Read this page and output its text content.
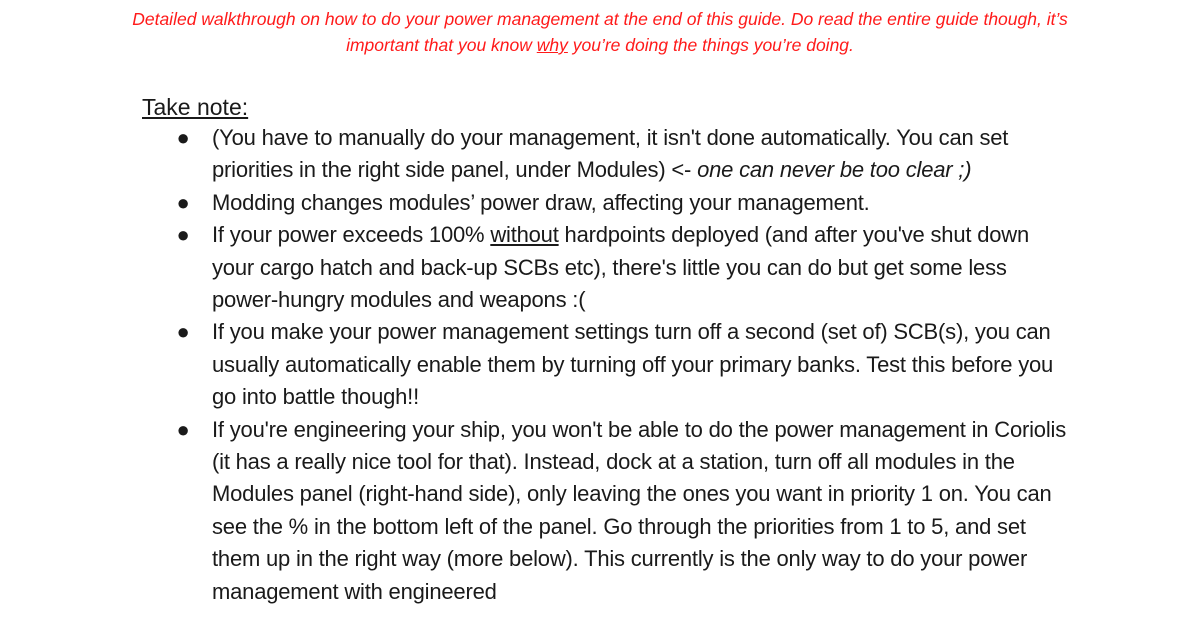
Detailed walkthrough on how to do your power management at the end of this guide. Do read the entire guide though, it’s important that you know why you’re doing the things you’re doing.
Take note:
● (You have to manually do your management, it isn't done automatically. You can set priorities in the right side panel, under Modules) <- one can never be too clear ;)
● Modding changes modules’ power draw, affecting your management.
● If your power exceeds 100% without hardpoints deployed (and after you've shut down your cargo hatch and back-up SCBs etc), there's little you can do but get some less power-hungry modules and weapons :(
● If you make your power management settings turn off a second (set of) SCB(s), you can usually automatically enable them by turning off your primary banks. Test this before you go into battle though!!
● If you're engineering your ship, you won't be able to do the power management in Coriolis (it has a really nice tool for that). Instead, dock at a station, turn off all modules in the Modules panel (right-hand side), only leaving the ones you want in priority 1 on. You can see the % in the bottom left of the panel. Go through the priorities from 1 to 5, and set them up in the right way (more below). This currently is the only way to do your power management with engineered
